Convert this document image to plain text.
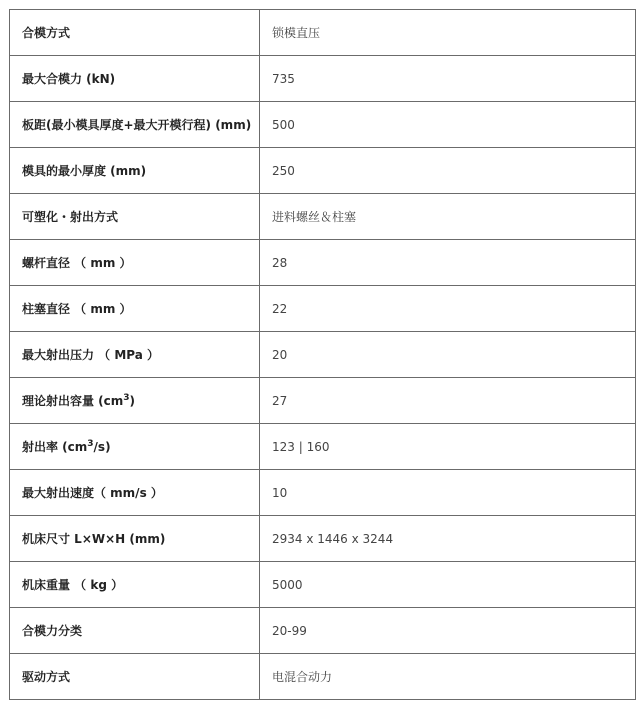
合模方式	锁模直压
最大合模力 (kN)	735
板距(最小模具厚度+最大开模行程) (mm)	500
模具的最小厚度 (mm)	250
可塑化・射出方式	进料螺丝＆柱塞
螺杆直径 （ mm ）	28
柱塞直径 （ mm ）	22
最大射出压力 （ MPa ）	20
理论射出容量 $(cm^3)$	27
射出率 $(cm^3/s)$	123 | 160
最大射出速度（ mm/s ）	10
机床尺寸 L×W×H (mm)	2934 x 1446 x 3244
机床重量 （ kg ）	5000
合模力分类	20-99
驱动方式	电混合动力
